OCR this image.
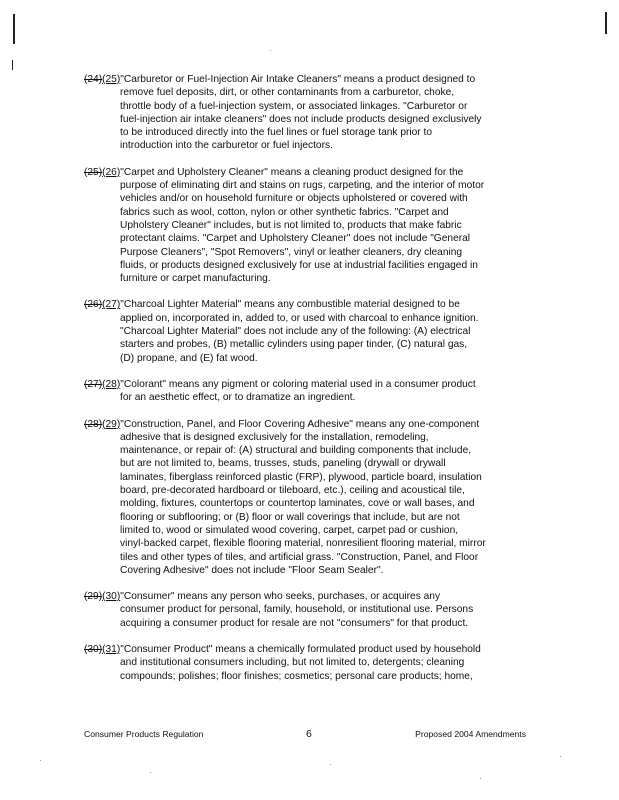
(24)(25)"Carburetor or Fuel-Injection Air Intake Cleaners" means a product designed to
remove fuel deposits, dirt, or other contaminants from a carburetor, choke,
throttle body of a fuel-injection system, or associated linkages. "Carburetor or
fuel-injection air intake cleaners" does not include products designed exclusively
to be introduced directly into the fuel lines or fuel storage tank prior to
introduction into the carburetor or fuel injectors.
(25)(26)"Carpet and Upholstery Cleaner" means a cleaning product designed for the
purpose of eliminating dirt and stains on rugs, carpeting, and the interior of motor
vehicles and/or on household furniture or objects upholstered or covered with
fabrics such as wool, cotton, nylon or other synthetic fabrics. "Carpet and
Upholstery Cleaner" includes, but is not limited to, products that make fabric
protectant claims. "Carpet and Upholstery Cleaner" does not include "General
Purpose Cleaners", "Spot Removers", vinyl or leather cleaners, dry cleaning
fluids, or products designed exclusively for use at industrial facilities engaged in
furniture or carpet manufacturing.
(26)(27)"Charcoal Lighter Material" means any combustible material designed to be
applied on, incorporated in, added to, or used with charcoal to enhance ignition.
"Charcoal Lighter Material" does not include any of the following: (A) electrical
starters and probes, (B) metallic cylinders using paper tinder, (C) natural gas,
(D) propane, and (E) fat wood.
(27)(28)"Colorant" means any pigment or coloring material used in a consumer product
for an aesthetic effect, or to dramatize an ingredient.
(28)(29)"Construction, Panel, and Floor Covering Adhesive" means any one-component
adhesive that is designed exclusively for the installation, remodeling,
maintenance, or repair of: (A) structural and building components that include,
but are not limited to, beams, trusses, studs, paneling (drywall or drywall
laminates, fiberglass reinforced plastic (FRP), plywood, particle board, insulation
board, pre-decorated hardboard or tileboard, etc.), ceiling and acoustical tile,
molding, fixtures, countertops or countertop laminates, cove or wall bases, and
flooring or subflooring; or (B) floor or wall coverings that include, but are not
limited to, wood or simulated wood covering, carpet, carpet pad or cushion,
vinyl-backed carpet, flexible flooring material, nonresilient flooring material, mirror
tiles and other types of tiles, and artificial grass. "Construction, Panel, and Floor
Covering Adhesive" does not include "Floor Seam Sealer".
(29)(30)"Consumer" means any person who seeks, purchases, or acquires any
consumer product for personal, family, household, or institutional use. Persons
acquiring a consumer product for resale are not "consumers" for that product.
(30)(31)"Consumer Product" means a chemically formulated product used by household
and institutional consumers including, but not limited to, detergents; cleaning
compounds; polishes; floor finishes; cosmetics; personal care products; home,
Consumer Products Regulation	6	Proposed 2004 Amendments
